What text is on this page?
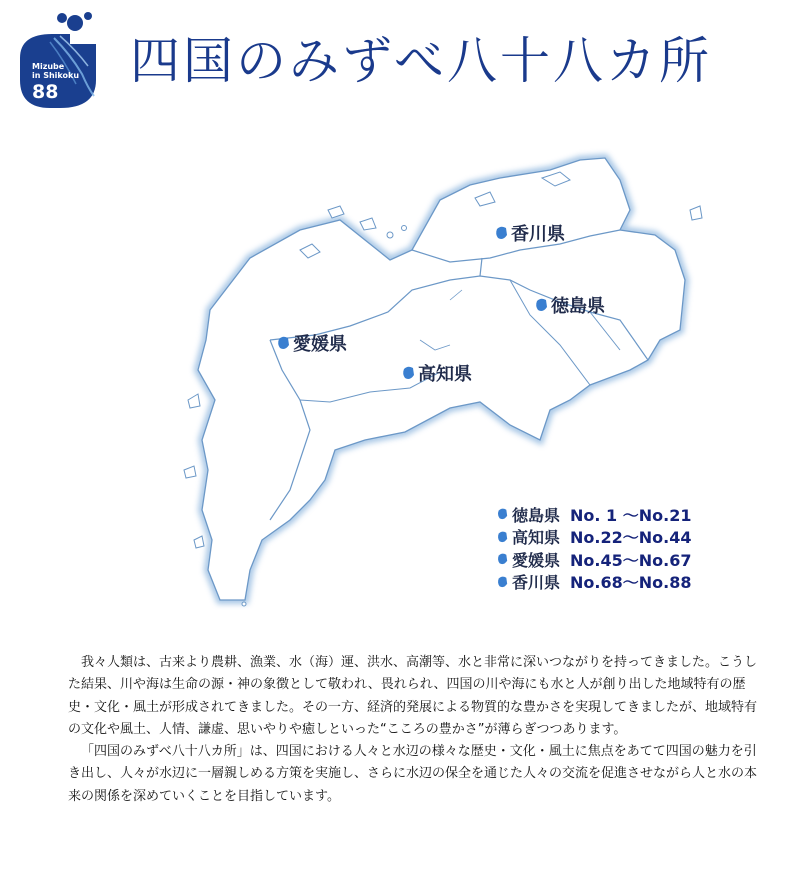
Mizube
in Shikoku
88
四国のみずべ八十八カ所
香川県
徳島県
愛媛県
高知県
徳島県 No. 1 ～No.21
高知県 No.22～No.44
愛媛県 No.45～No.67
香川県 No.68～No.88

我々人類は、古来より農耕、漁業、水（海）運、洪水、高潮等、水と非常に深いつながりを持ってきました。こうした結果、川や海は生命の源・神の象徴として敬われ、畏れられ、四国の川や海にも水と人が創り出した地域特有の歴史・文化・風土が形成されてきました。その一方、経済的発展による物質的な豊かさを実現してきましたが、地域特有の文化や風土、人情、謙虚、思いやりや癒しといった“こころの豊かさ”が薄らぎつつあります。

「四国のみずべ八十八カ所」は、四国における人々と水辺の様々な歴史・文化・風土に焦点をあてて四国の魅力を引き出し、人々が水辺に一層親しめる方策を実施し、さらに水辺の保全を通じた人々の交流を促進させながら人と水の本来の関係を深めていくことを目指しています。
